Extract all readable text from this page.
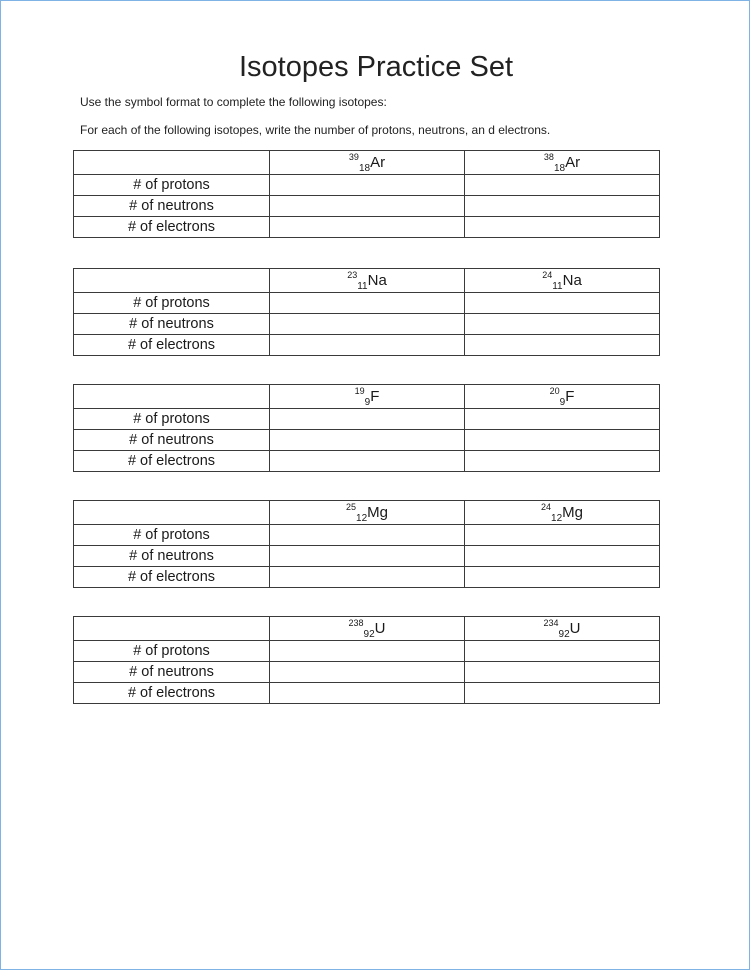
Isotopes Practice Set
Use the symbol format to complete the following isotopes:
For each of the following isotopes, write the number of protons, neutrons, an d electrons.
	$^{39}_{18}$Ar	$^{38}_{18}$Ar
# of protons		
# of neutrons		
# of electrons		
	$^{23}_{11}$Na	$^{24}_{11}$Na
# of protons		
# of neutrons		
# of electrons		
	$^{19}_9$F	$^{20}_9$F
# of protons		
# of neutrons		
# of electrons		
	$^{25}_{12}$Mg	$^{24}_{12}$Mg
# of protons		
# of neutrons		
# of electrons		
	$^{238}_{92}$U	$^{234}_{92}$U
# of protons		
# of neutrons		
# of electrons		
